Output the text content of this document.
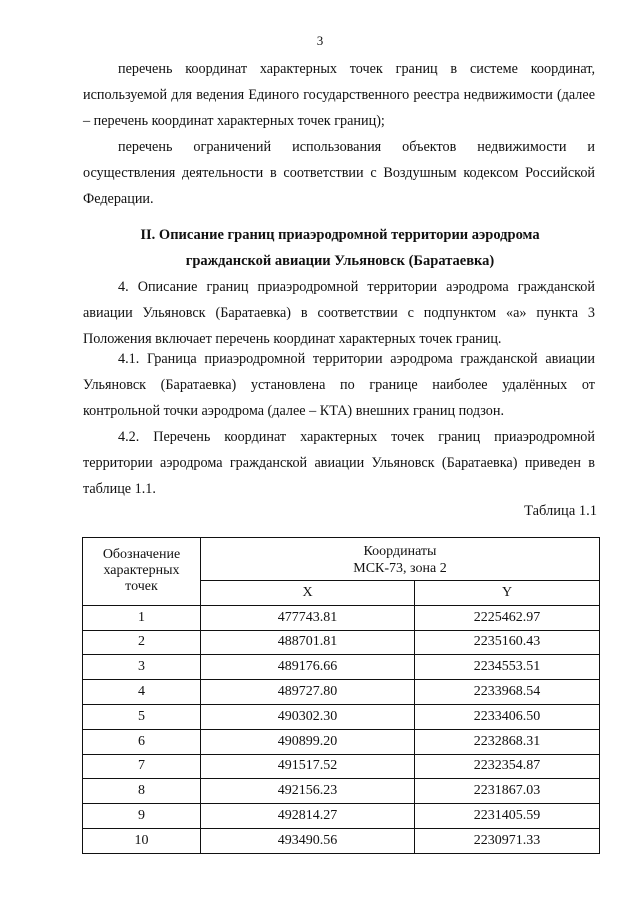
3

перечень координат характерных точек границ в системе координат, используемой для ведения Единого государственного реестра недвижимости (далее – перечень координат характерных точек границ);

перечень ограничений использования объектов недвижимости и осуществления деятельности в соответствии с Воздушным кодексом Российской Федерации.

II. Описание границ приаэродромной территории аэродрома
гражданской авиации Ульяновск (Баратаевка)

4. Описание границ приаэродромной территории аэродрома гражданской авиации Ульяновск (Баратаевка) в соответствии с подпунктом «а» пункта 3 Положения включает перечень координат характерных точек границ.

4.1. Граница приаэродромной территории аэродрома гражданской авиации Ульяновск (Баратаевка) установлена по границе наиболее удалённых от контрольной точки аэродрома (далее – КТА) внешних границ подзон.

4.2. Перечень координат характерных точек границ приаэродромной территории аэродрома гражданской авиации Ульяновск (Баратаевка) приведен в таблице 1.1.

Таблица 1.1
Обозначение характерных точек	Координаты
МСК-73, зона 2	

	X	Y
1	477743.81	2225462.97
2	488701.81	2235160.43
3	489176.66	2234553.51
4	489727.80	2233968.54
5	490302.30	2233406.50
6	490899.20	2232868.31
7	491517.52	2232354.87
8	492156.23	2231867.03
9	492814.27	2231405.59
10	493490.56	2230971.33
